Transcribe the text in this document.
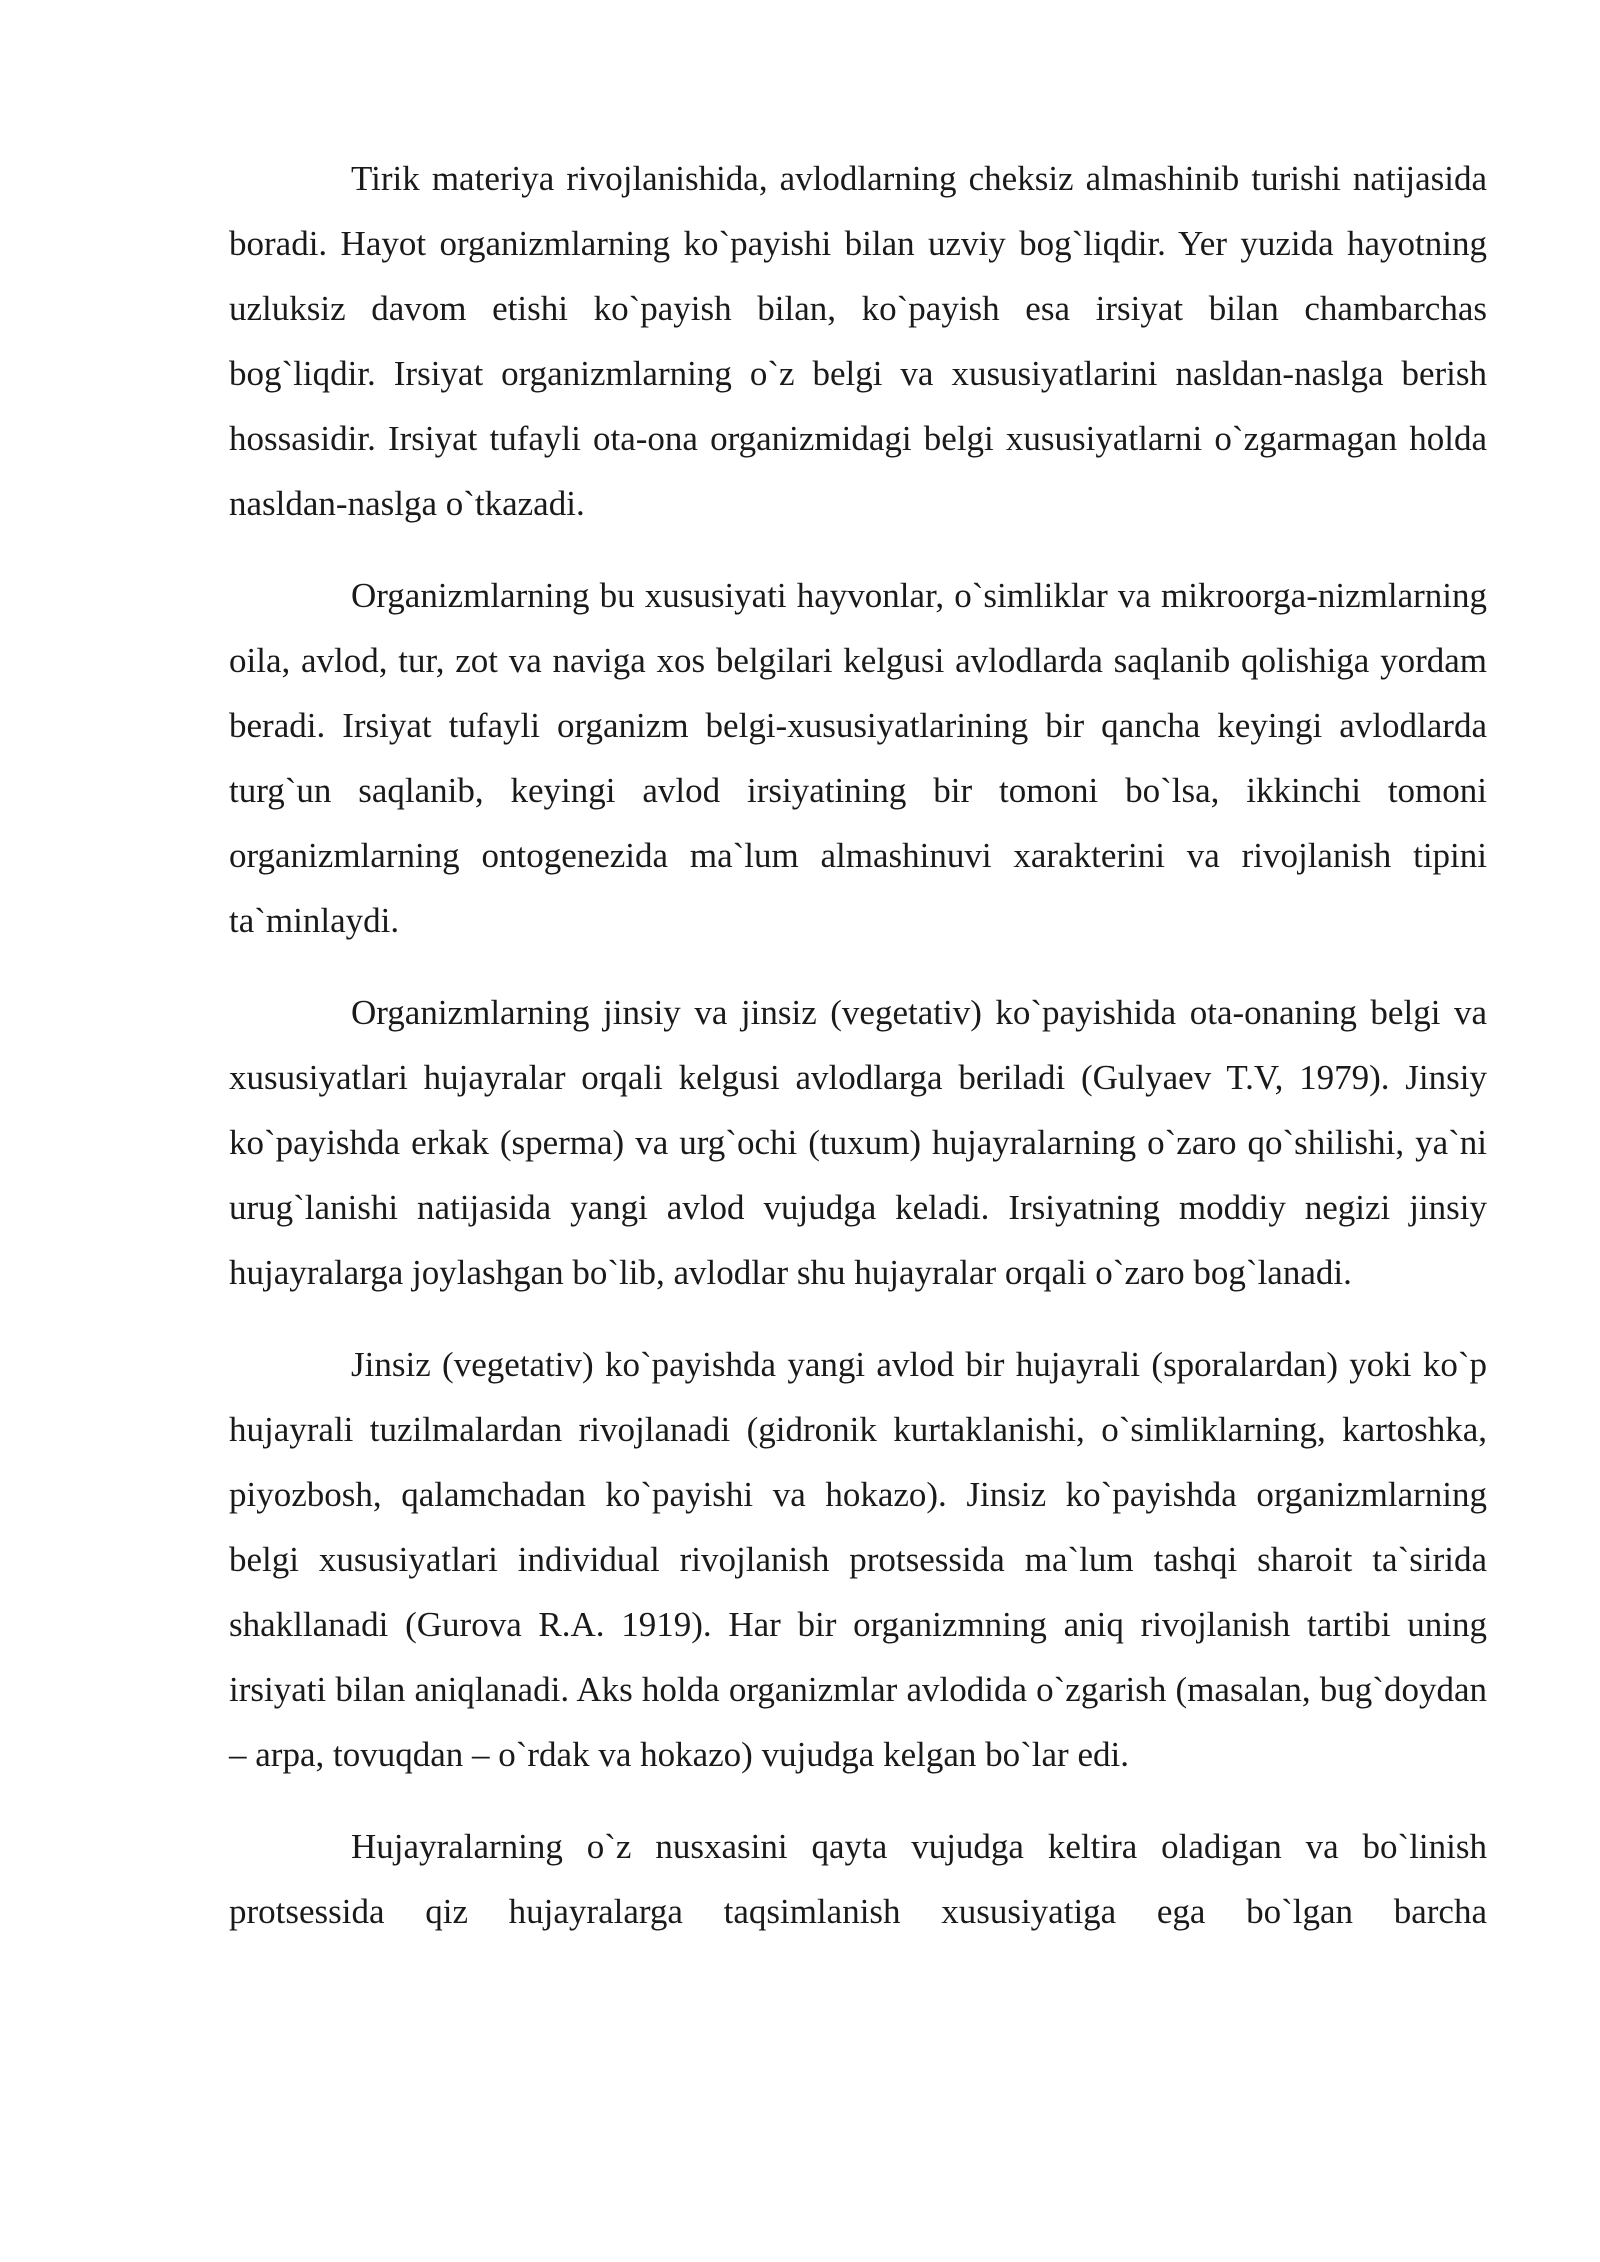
Tirik materiya rivojlanishida, avlodlarning cheksiz almashinib turishi natijasida boradi. Hayot organizmlarning ko`payishi bilan uzviy bog`liqdir. Yer yuzida hayotning uzluksiz davom etishi ko`payish bilan, ko`payish esa irsiyat bilan chambarchas bog`liqdir. Irsiyat organizmlarning o`z belgi va xususiyatlarini nasldan-naslga berish hossasidir. Irsiyat tufayli ota-ona organizmidagi belgi xususiyatlarni o`zgarmagan holda nasldan-naslga o`tkazadi.

Organizmlarning bu xususiyati hayvonlar, o`simliklar va mikroorga-nizmlarning oila, avlod, tur, zot va naviga xos belgilari kelgusi avlodlarda saqlanib qolishiga yordam beradi. Irsiyat tufayli organizm belgi-xususiyatlarining bir qancha keyingi avlodlarda turg`un saqlanib, keyingi avlod irsiyatining bir tomoni bo`lsa, ikkinchi tomoni organizmlarning ontogenezida ma`lum almashinuvi xarakterini va rivojlanish tipini ta`minlaydi.

Organizmlarning jinsiy va jinsiz (vegetativ) ko`payishida ota-onaning belgi va xususiyatlari hujayralar orqali kelgusi avlodlarga beriladi (Gulyaev T.V, 1979). Jinsiy ko`payishda erkak (sperma) va urg`ochi (tuxum) hujayralarning o`zaro qo`shilishi, ya`ni urug`lanishi natijasida yangi avlod vujudga keladi. Irsiyatning moddiy negizi jinsiy hujayralarga joylashgan bo`lib, avlodlar shu hujayralar orqali o`zaro bog`lanadi.

Jinsiz (vegetativ) ko`payishda yangi avlod bir hujayrali (sporalardan) yoki ko`p hujayrali tuzilmalardan rivojlanadi (gidronik kurtaklanishi, o`simliklarning, kartoshka, piyozbosh, qalamchadan ko`payishi va hokazo). Jinsiz ko`payishda organizmlarning belgi xususiyatlari individual rivojlanish protsessida ma`lum tashqi sharoit ta`sirida shakllanadi (Gurova R.A. 1919). Har bir organizmning aniq rivojlanish tartibi uning irsiyati bilan aniqlanadi. Aks holda organizmlar avlodida o`zgarish (masalan, bug`doydan – arpa, tovuqdan – o`rdak va hokazo) vujudga kelgan bo`lar edi.

Hujayralarning o`z nusxasini qayta vujudga keltira oladigan va bo`linish protsessida qiz hujayralarga taqsimlanish xususiyatiga ega bo`lgan barcha
